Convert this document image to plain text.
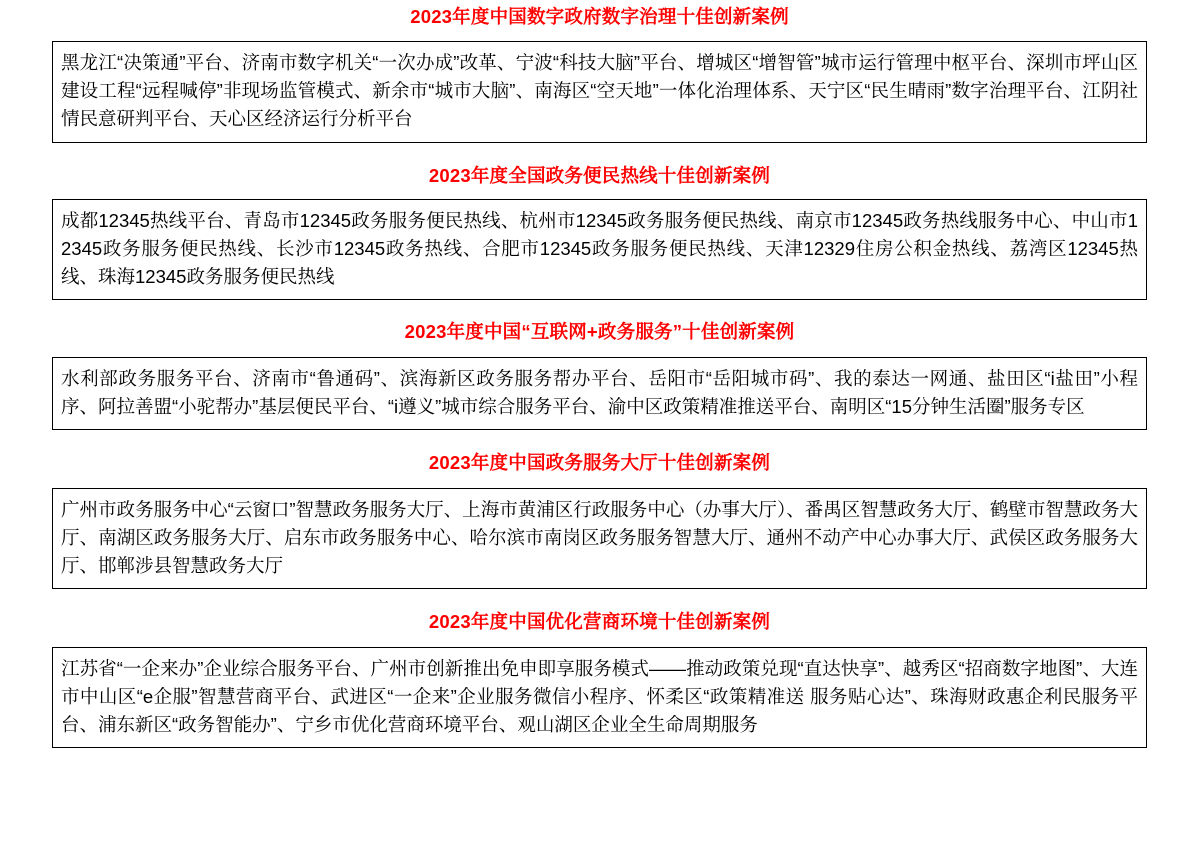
2023年度中国数字政府数字治理十佳创新案例
黑龙江“决策通”平台、济南市数字机关“一次办成”改革、宁波“科技大脑”平台、增城区“增智管”城市运行管理中枢平台、深圳市坪山区建设工程“远程喊停”非现场监管模式、新余市“城市大脑”、南海区“空天地”一体化治理体系、天宁区“民生晴雨”数字治理平台、江阴社情民意研判平台、天心区经济运行分析平台
2023年度全国政务便民热线十佳创新案例
成都12345热线平台、青岛市12345政务服务便民热线、杭州市12345政务服务便民热线、南京市12345政务热线服务中心、中山市12345政务服务便民热线、长沙市12345政务热线、合肥市12345政务服务便民热线、天津12329住房公积金热线、荔湾区12345热线、珠海12345政务服务便民热线
2023年度中国“互联网+政务服务”十佳创新案例
水利部政务服务平台、济南市“鲁通码”、滨海新区政务服务帮办平台、岳阳市“岳阳城市码”、我的泰达一网通、盐田区“i盐田”小程序、阿拉善盟“小驼帮办”基层便民平台、“i遵义”城市综合服务平台、渝中区政策精准推送平台、南明区“15分钟生活圈”服务专区
2023年度中国政务服务大厅十佳创新案例
广州市政务服务中心“云窗口”智慧政务服务大厅、上海市黄浦区行政服务中心（办事大厅）、番禺区智慧政务大厅、鹤壁市智慧政务大厅、南湖区政务服务大厅、启东市政务服务中心、哈尔滨市南岗区政务服务智慧大厅、通州不动产中心办事大厅、武侯区政务服务大厅、邯郸涉县智慧政务大厅
2023年度中国优化营商环境十佳创新案例
江苏省“一企来办”企业综合服务平台、广州市创新推出免申即享服务模式——推动政策兑现“直达快享”、越秀区“招商数字地图”、大连市中山区“e企服”智慧营商平台、武进区“一企来”企业服务微信小程序、怀柔区“政策精准送 服务贴心达”、珠海财政惠企利民服务平台、浦东新区“政务智能办”、宁乡市优化营商环境平台、观山湖区企业全生命周期服务
